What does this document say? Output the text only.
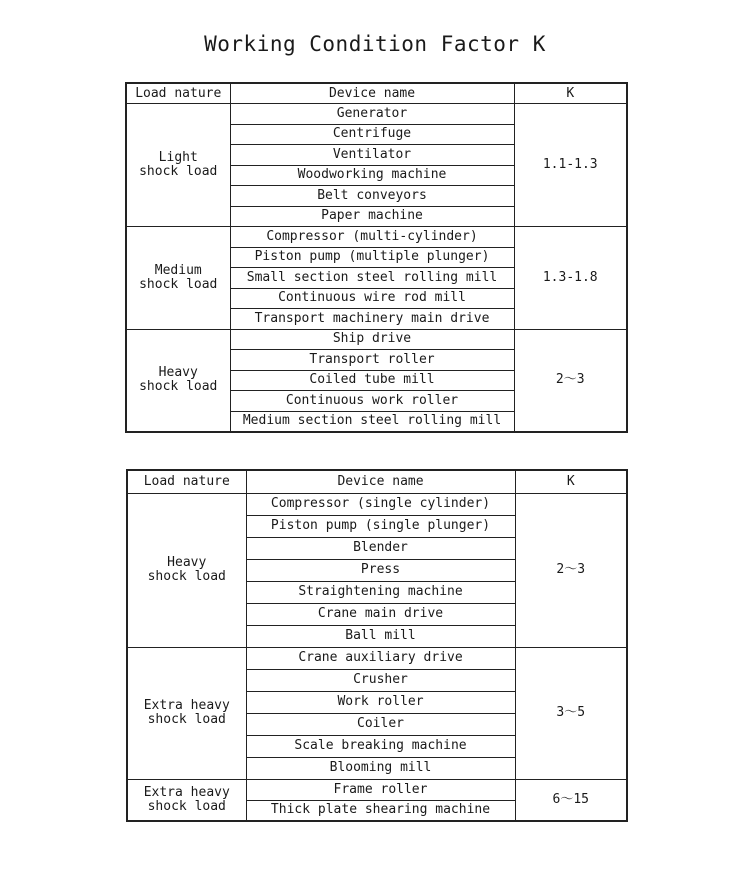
Working Condition Factor K
Load nature	Device name	K

Light
shock load	Generator	1.1-1.3
	Centrifuge	
	Ventilator	
	Woodworking machine	
	Belt conveyors	
	Paper machine	

Medium
shock load	Compressor (multi-cylinder)	1.3-1.8
	Piston pump (multiple plunger)	
	Small section steel rolling mill	
	Continuous wire rod mill	
	Transport machinery main drive	

Heavy
shock load	Ship drive	2～3
	Transport roller	
	Coiled tube mill	
	Continuous work roller	
	Medium section steel rolling mill	
Load nature	Device name	K

Heavy
shock load	Compressor (single cylinder)	2～3
	Piston pump (single plunger)	
	Blender	
	Press	
	Straightening machine	
	Crane main drive	
	Ball mill	

Extra heavy
shock load	Crane auxiliary drive	3～5
	Crusher	
	Work roller	
	Coiler	
	Scale breaking machine	
	Blooming mill	

Extra heavy
shock load	Frame roller	6～15
	Thick plate shearing machine	
